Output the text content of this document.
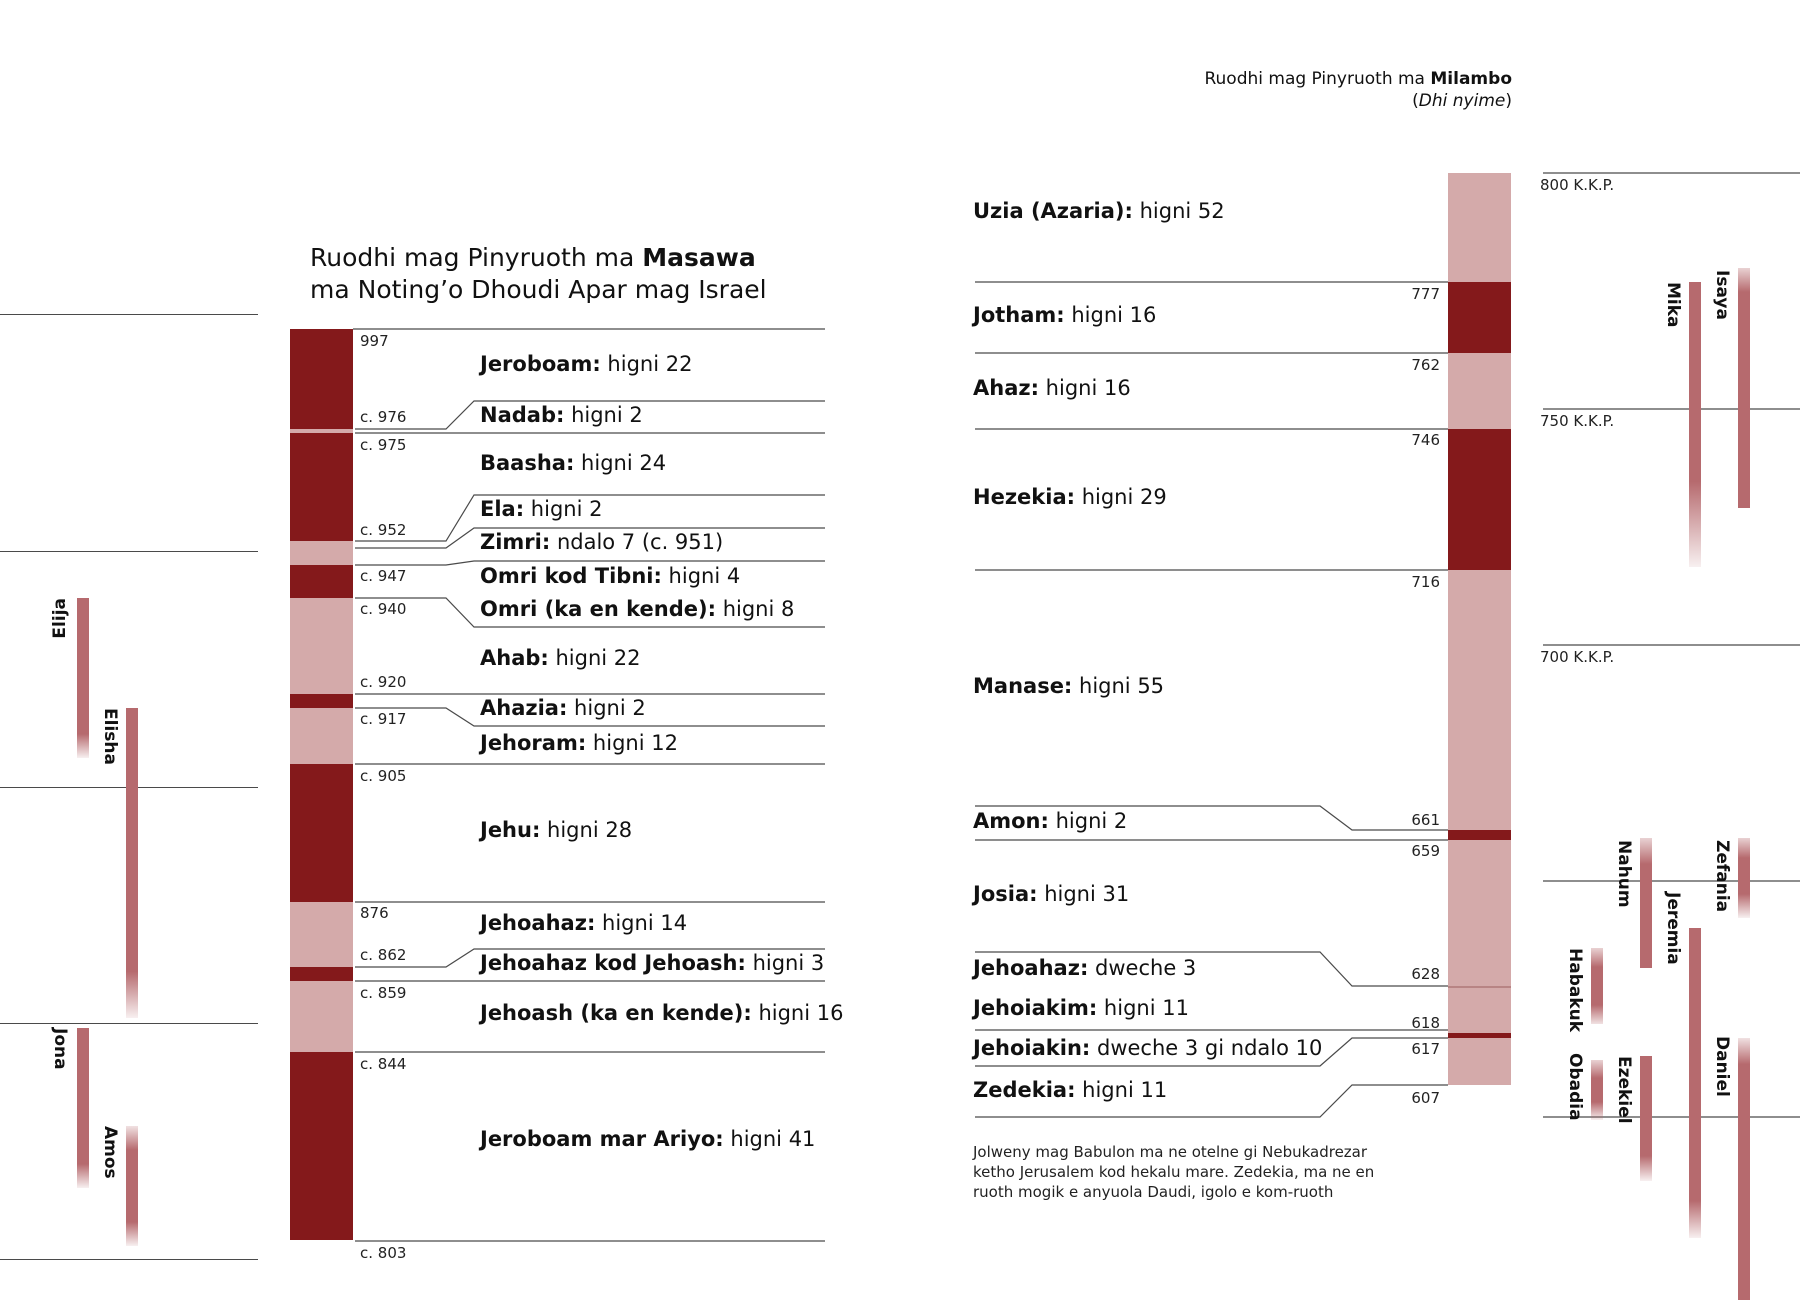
Elija
Elisha
Jona
Amos
Ruodhi mag Pinyruoth ma Masawa
ma Noting’o Dhoudi Apar mag Israel
997
c. 976
c. 975
c. 952
c. 947
c. 940
c. 920
c. 917
c. 905
876
c. 862
c. 859
c. 844
c. 803
Jeroboam: higni 22
Nadab: higni 2
Baasha: higni 24
Ela: higni 2
Zimri: ndalo 7 (c. 951)
Omri kod Tibni: higni 4
Omri (ka en kende): higni 8
Ahab: higni 22
Ahazia: higni 2
Jehoram: higni 12
Jehu: higni 28
Jehoahaz: higni 14
Jehoahaz kod Jehoash: higni 3
Jehoash (ka en kende): higni 16
Jeroboam mar Ariyo: higni 41
Ruodhi mag Pinyruoth ma Milambo
(Dhi nyime)
777
762
746
716
661
659
628
618
617
607
Uzia (Azaria): higni 52
Jotham: higni 16
Ahaz: higni 16
Hezekia: higni 29
Manase: higni 55
Amon: higni 2
Josia: higni 31
Jehoahaz: dweche 3
Jehoiakim: higni 11
Jehoiakin: dweche 3 gi ndalo 10
Zedekia: higni 11
Jolweny mag Babulon ma ne otelne gi Nebukadrezar
ketho Jerusalem kod hekalu mare. Zedekia, ma ne en
ruoth mogik e anyuola Daudi, igolo e kom-ruoth
800 K.K.P.
750 K.K.P.
700 K.K.P.
Mika Isaya
Nahum	Zefania
Jeremia
Habakuk
Obadia Ezekiel	Daniel
